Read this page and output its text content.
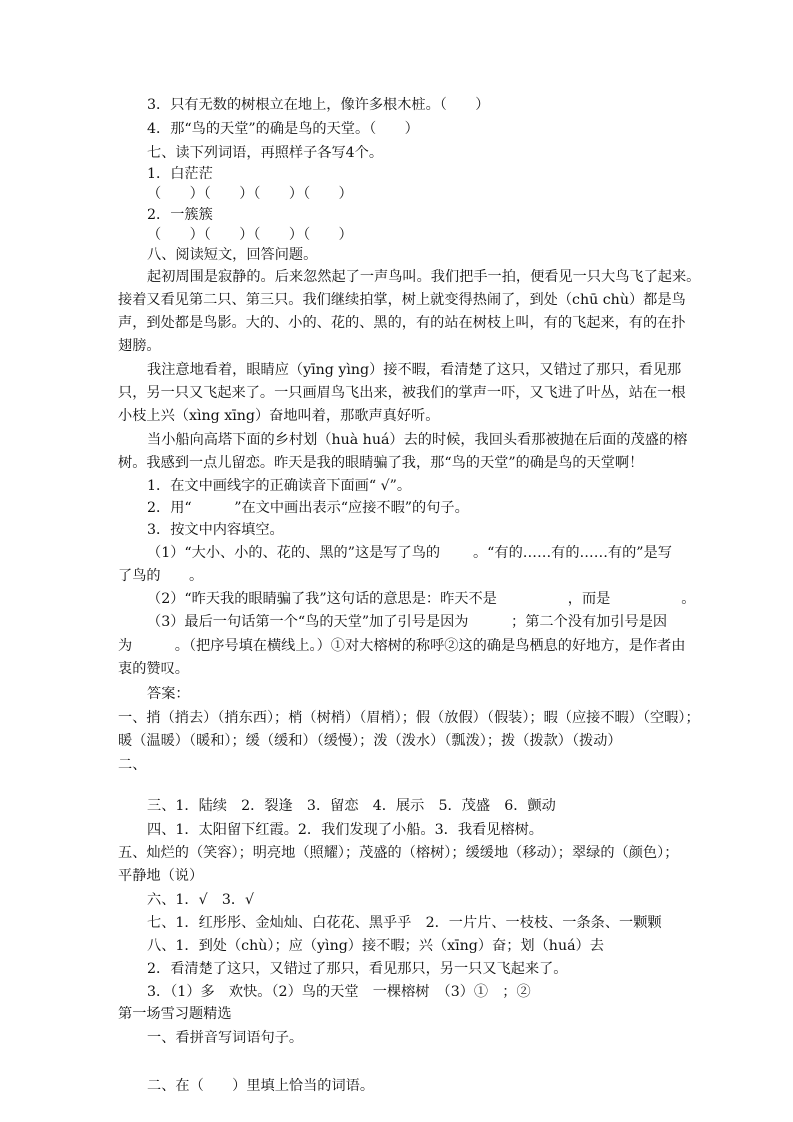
3．只有无数的树根立在地上，像许多根木桩。（　　）
4．那“鸟的天堂”的确是鸟的天堂。（　　）
七、读下列词语，再照样子各写4个。
1．白茫茫
（　　）（　　）（　　）（　　）
2．一簇簇
（　　）（　　）（　　）（　　）
八、阅读短文，回答问题。
起初周围是寂静的。后来忽然起了一声鸟叫。我们把手一拍，便看见一只大鸟飞了起来。
接着又看见第二只、第三只。我们继续拍掌，树上就变得热闹了，到处（chū chù）都是鸟
声，到处都是鸟影。大的、小的、花的、黑的，有的站在树枝上叫，有的飞起来，有的在扑
翅膀。
我注意地看着，眼睛应（yīng yìng）接不暇，看清楚了这只，又错过了那只，看见那
只，另一只又飞起来了。一只画眉鸟飞出来，被我们的掌声一吓，又飞进了叶丛，站在一根
小枝上兴（xìng xīng）奋地叫着，那歌声真好听。
当小船向高塔下面的乡村划（huà huá）去的时候，我回头看那被抛在后面的茂盛的榕
树。我感到一点儿留恋。昨天是我的眼睛骗了我，那“鸟的天堂”的确是鸟的天堂啊！
1．在文中画线字的正确读音下面画“ √”。
2．用“　　　”在文中画出表示“应接不暇”的句子。
3．按文中内容填空。
（1）“大小、小的、花的、黑的”这是写了鸟的　　 。“有的……有的……有的”是写
了鸟的　　。
（2）“昨天我的眼睛骗了我”这句话的意思是：昨天不是　　　　　，而是　　　　　。
（3）最后一句话第一个“鸟的天堂”加了引号是因为　　　；第二个没有加引号是因
为　　　。（把序号填在横线上。）①对大榕树的称呼②这的确是鸟栖息的好地方，是作者由
衷的赞叹。
答案：
一、捎（捎去）（捎东西）；梢（树梢）（眉梢）；假（放假）（假装）；暇（应接不暇）（空暇）；
暖（温暖）（暖和）；缓（缓和）（缓慢）；泼（泼水）（瓢泼）；拨（拨款）（拨动）
二、
三、1．陆续　2．裂逢　3．留恋　4．展示　5．茂盛　6．颤动
四、1．太阳留下红霞。2．我们发现了小船。3．我看见榕树。
五、灿烂的（笑容）；明亮地（照耀）；茂盛的（榕树）；缓缓地（移动）；翠绿的（颜色）；
平静地（说）
六、1．√　3．√
七、1．红彤彤、金灿灿、白花花、黑乎乎　2．一片片、一枝枝、一条条、一颗颗
八、1．到处（chù）；应（yìng）接不暇；兴（xīng）奋；划（huá）去
2．看清楚了这只，又错过了那只，看见那只，另一只又飞起来了。
3．（1）多　欢快。（2）鸟的天堂　一棵榕树　（3）①　；②
第一场雪习题精选
一、看拼音写词语句子。
二、在（　　）里填上恰当的词语。
